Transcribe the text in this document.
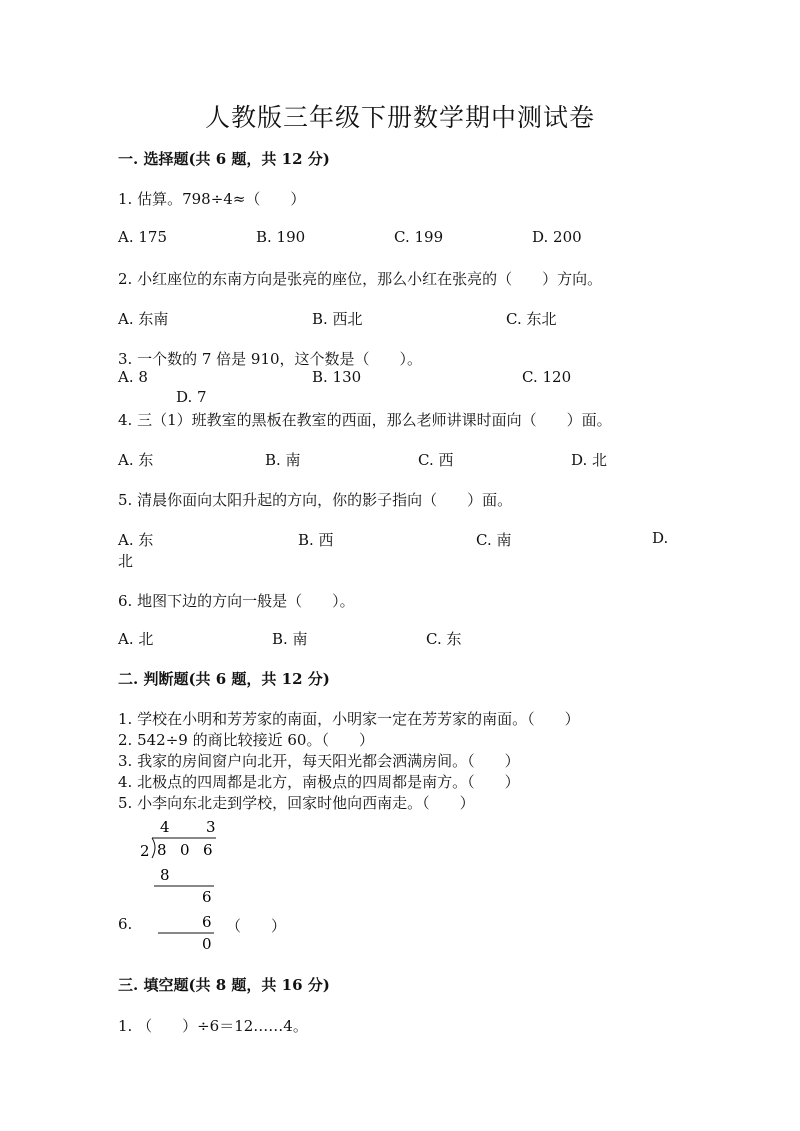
人教版三年级下册数学期中测试卷
一. 选择题(共 6 题，共 12 分)
1. 估算。798÷4≈（　　）
A. 175	B. 190	C. 199	D. 200
2. 小红座位的东南方向是张亮的座位，那么小红在张亮的（　　）方向。
A. 东南	B. 西北	C. 东北
3. 一个数的 7 倍是 910，这个数是（　　）。
A. 8	B. 130	C. 120
D. 7
4. 三（1）班教室的黑板在教室的西面，那么老师讲课时面向（　　）面。
A. 东	B. 南	C. 西	D. 北
5. 清晨你面向太阳升起的方向，你的影子指向（　　）面。
A. 东	B. 西	C. 南	D.
北
6. 地图下边的方向一般是（　　）。
A. 北	B. 南	C. 东
二. 判断题(共 6 题，共 12 分)
1. 学校在小明和芳芳家的南面，小明家一定在芳芳家的南面。（　　）
2. 542÷9 的商比较接近 60。（　　）
3. 我家的房间窗户向北开，每天阳光都会洒满房间。（　　）
4. 北极点的四周都是北方，南极点的四周都是南方。（　　）
5. 小李向东北走到学校，回家时他向西南走。（　　）
4 3
2 8 0 6
8
6
6
0
6.	（　　）
三. 填空题(共 8 题，共 16 分)
1. （　　）÷6＝12……4。
